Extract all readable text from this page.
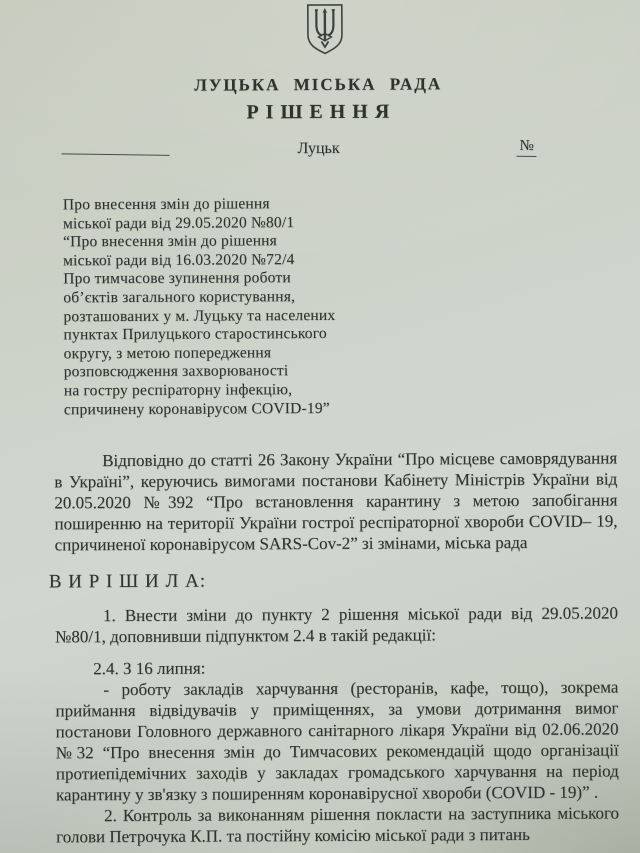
ЛУЦЬКА МІСЬКА РАДА
Р І Ш Е Н Н Я
Луцьк	№
Про внесення змін до рішення
міської ради від 29.05.2020 №80/1
“Про внесення змін до рішення
міської ради від 16.03.2020 №72/4
Про тимчасове зупинення роботи
об’єктів загального користування,
розташованих у м. Луцьку та населених
пунктах Прилуцького старостинського
округу, з метою попередження
розповсюдження захворюваності
на гостру респіраторну інфекцію,
спричинену коронавірусом COVID-19”
Відповідно до статті 26 Закону України “Про місцеве самоврядування в Україні”, керуючись вимогами постанови Кабінету Міністрів України від 20.05.2020 №392 “Про встановлення карантину з метою запобігання поширенню на території України гострої респіраторної хвороби COVID– 19, спричиненої коронавірусом SARS-Cov-2” зі змінами, міська рада
В И Р І Ш И Л А:

1. Внести зміни до пункту 2 рішення міської ради від 29.05.2020 №80/1, доповнивши підпунктом 2.4 в такій редакції:

2.4. З 16 липня:

- роботу закладів харчування (ресторанів, кафе, тощо), зокрема приймання відвідувачів у приміщеннях, за умови дотримання вимог постанови Головного державного санітарного лікаря України від 02.06.2020 №32 “Про внесення змін до Тимчасових рекомендацій щодо організації протиепідемічних заходів у закладах громадського харчування на період карантину у зв'язку з поширенням коронавірусної хвороби (COVID - 19)” .

2. Контроль за виконанням рішення покласти на заступника міського голови Петрочука К.П. та постійну комісію міської ради з питань
